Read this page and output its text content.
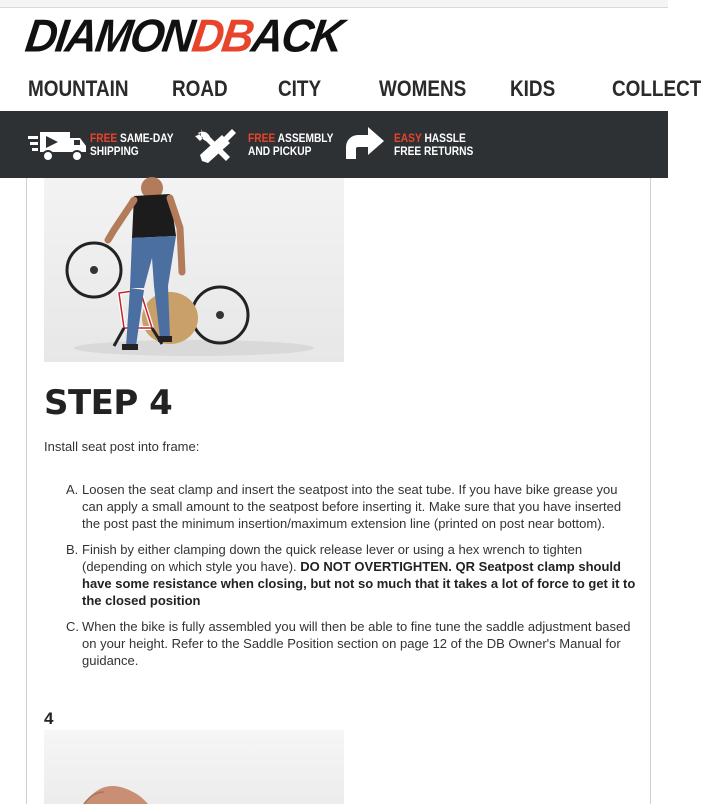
DIAMONDBACK
MOUNTAIN ROAD CITY	WOMENS KIDS	COLLECT
FREE SAME-DAY
SHIPPING
FREE ASSEMBLY
AND PICKUP
EASY HASSLE
FREE RETURNS
STEP 4

Install seat post into frame:

A. Loosen the seat clamp and insert the seatpost into the seat tube. If you have bike grease you can apply a small amount to the seatpost before inserting it. Make sure that you have inserted the post past the minimum insertion/maximum extension line (printed on post near bottom).
B. Finish by either clamping down the quick release lever or using a hex wrench to tighten (depending on which style you have). DO NOT OVERTIGHTEN. QR Seatpost clamp should have some resistance when closing, but not so much that it takes a lot of force to get it to the closed position
C. When the bike is fully assembled you will then be able to fine tune the saddle adjustment based on your height. Refer to the Saddle Position section on page 12 of the DB Owner's Manual for guidance.
4
